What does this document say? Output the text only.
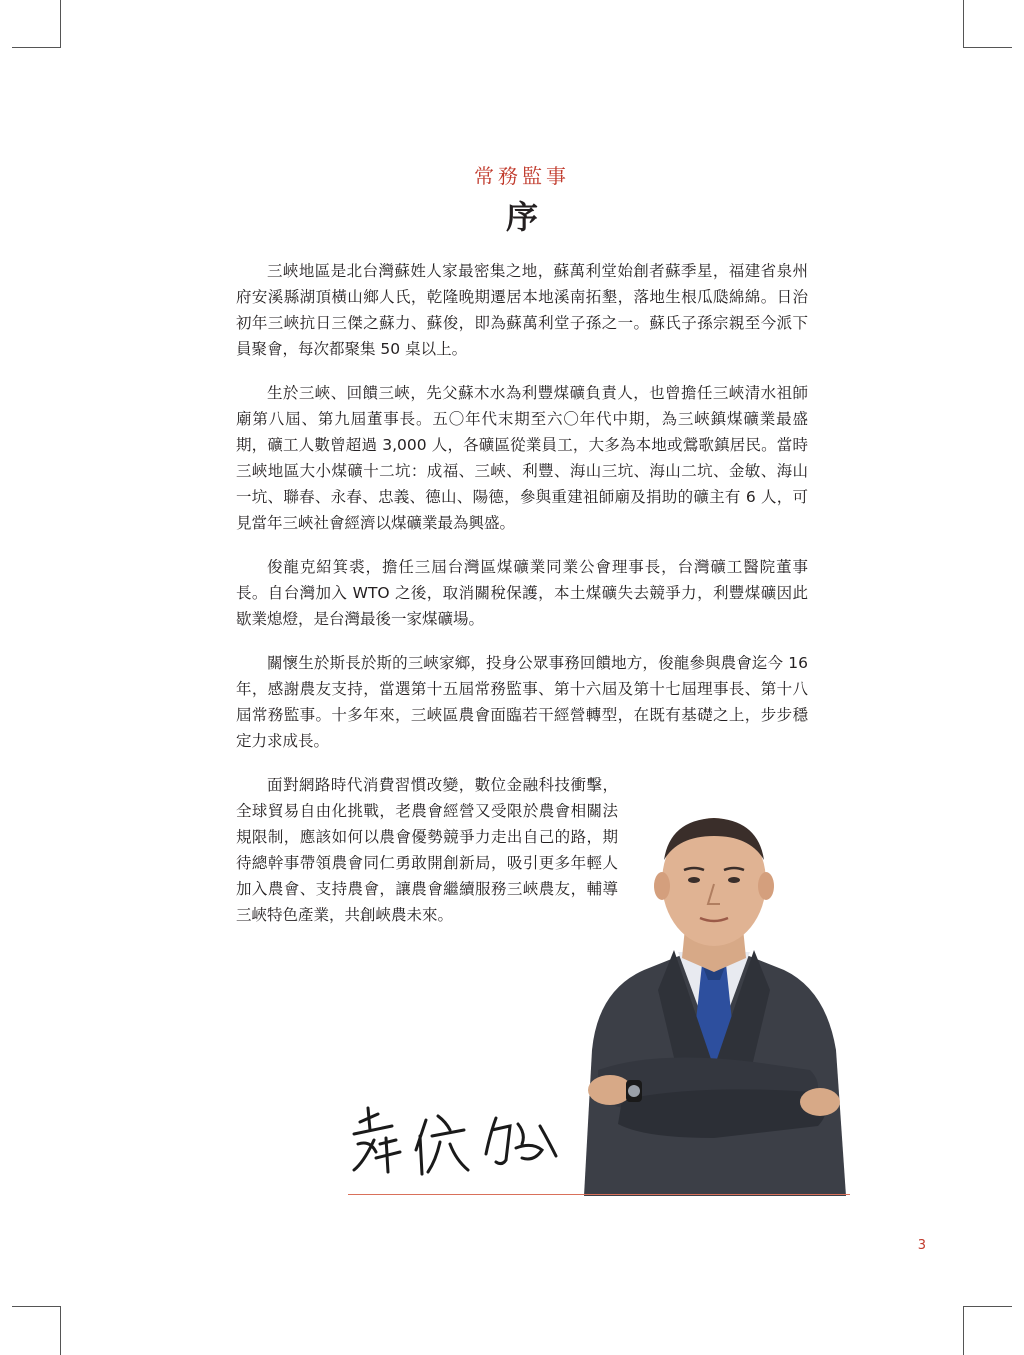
常務監事
序

三峽地區是北台灣蘇姓人家最密集之地，蘇萬利堂始創者蘇季星，福建省泉州府安溪縣湖頂橫山鄉人氏，乾隆晚期遷居本地溪南拓墾，落地生根瓜瓞綿綿。日治初年三峽抗日三傑之蘇力、蘇俊，即為蘇萬利堂子孫之一。蘇氏子孫宗親至今派下員聚會，每次都聚集 50 桌以上。

生於三峽、回饋三峽，先父蘇木水為利豐煤礦負責人，也曾擔任三峽清水祖師廟第八屆、第九屆董事長。五〇年代末期至六〇年代中期，為三峽鎮煤礦業最盛期，礦工人數曾超過 3,000 人，各礦區從業員工，大多為本地或鶯歌鎮居民。當時三峽地區大小煤礦十二坑：成福、三峽、利豐、海山三坑、海山二坑、金敏、海山一坑、聯春、永春、忠義、德山、陽德，參與重建祖師廟及捐助的礦主有 6 人，可見當年三峽社會經濟以煤礦業最為興盛。

俊龍克紹箕裘，擔任三屆台灣區煤礦業同業公會理事長，台灣礦工醫院董事長。自台灣加入 WTO 之後，取消關稅保護，本土煤礦失去競爭力，利豐煤礦因此歇業熄燈，是台灣最後一家煤礦場。

關懷生於斯長於斯的三峽家鄉，投身公眾事務回饋地方，俊龍參與農會迄今 16 年，感謝農友支持，當選第十五屆常務監事、第十六屆及第十七屆理事長、第十八屆常務監事。十多年來，三峽區農會面臨若干經營轉型，在既有基礎之上，步步穩定力求成長。

面對網路時代消費習慣改變，數位金融科技衝擊，全球貿易自由化挑戰，老農會經營又受限於農會相關法規限制，應該如何以農會優勢競爭力走出自己的路，期待總幹事帶領農會同仁勇敢開創新局，吸引更多年輕人加入農會、支持農會，讓農會繼續服務三峽農友，輔導三峽特色產業，共創峽農未來。

3
